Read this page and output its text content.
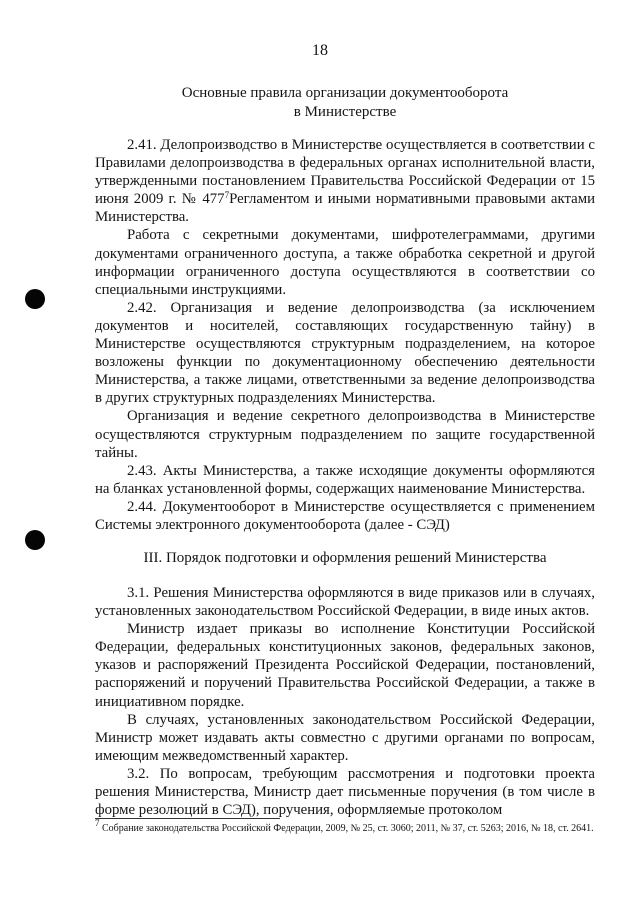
18
Основные правила организации документооборота
в Министерстве

2.41. Делопроизводство в Министерстве осуществляется в соответствии с Правилами делопроизводства в федеральных органах исполнительной власти, утвержденными постановлением Правительства Российской Федерации от 15 июня 2009 г. № $477^7Регламентом$ и иными нормативными правовыми актами Министерства.

Работа с секретными документами, шифротелеграммами, другими документами ограниченного доступа, а также обработка секретной и другой информации ограниченного доступа осуществляются в соответствии со специальными инструкциями.

2.42. Организация и ведение делопроизводства (за исключением документов и носителей, составляющих государственную тайну) в Министерстве осуществляются структурным подразделением, на которое возложены функции по документационному обеспечению деятельности Министерства, а также лицами, ответственными за ведение делопроизводства в других структурных подразделениях Министерства.

Организация и ведение секретного делопроизводства в Министерстве осуществляются структурным подразделением по защите государственной тайны.

2.43. Акты Министерства, а также исходящие документы оформляются на бланках установленной формы, содержащих наименование Министерства.

2.44. Документооборот в Министерстве осуществляется с применением Системы электронного документооборота (далее - СЭД)

III. Порядок подготовки и оформления решений Министерства

3.1. Решения Министерства оформляются в виде приказов или в случаях, установленных законодательством Российской Федерации, в виде иных актов.

Министр издает приказы во исполнение Конституции Российской Федерации, федеральных конституционных законов, федеральных законов, указов и распоряжений Президента Российской Федерации, постановлений, распоряжений и поручений Правительства Российской Федерации, а также в инициативном порядке.

В случаях, установленных законодательством Российской Федерации, Министр может издавать акты совместно с другими органами по вопросам, имеющим межведомственный характер.

3.2. По вопросам, требующим рассмотрения и подготовки проекта решения Министерства, Министр дает письменные поручения (в том числе в форме резолюций в СЭД), поручения, оформляемые протоколом

$^7$ Собрание законодательства Российской Федерации, 2009, № 25, ст. 3060; 2011, № 37, ст. 5263; 2016, № 18, ст. 2641.
